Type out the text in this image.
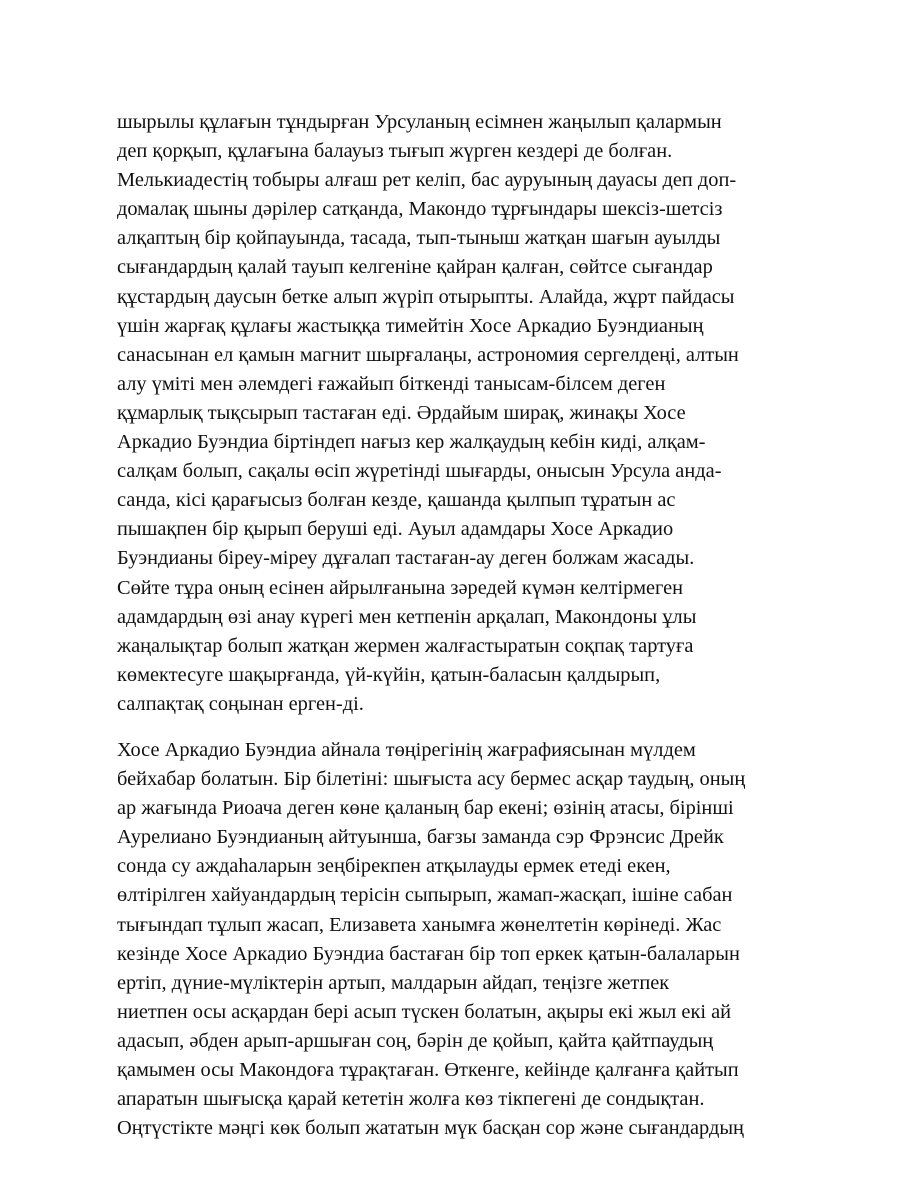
шырылы құлағын тұндырған Урсуланың есімнен жаңылып қалармын
деп қорқып, құлағына балауыз тығып жүрген кездері де болған.
Мелькиадестің тобыры алғаш рет келіп, бас ауруының дауасы деп доп-
домалақ шыны дәрілер сатқанда, Макондо тұрғындары шексіз-шетсіз
алқаптың бір қойпауында, тасада, тып-тыныш жатқан шағын ауылды
сығандардың қалай тауып келгеніне қайран қалған, сөйтсе сығандар
құстардың даусын бетке алып жүріп отырыпты. Алайда, жұрт пайдасы
үшін жарғақ құлағы жастыққа тимейтін Хосе Аркадио Буэндианың
санасынан ел қамын магнит шырғалаңы, астрономия сергелдеңі, алтын
алу үміті мен әлемдегі ғажайып біткенді танысам-білсем деген
құмарлық тықсырып тастаған еді. Әрдайым ширақ, жинақы Хосе
Аркадио Буэндиа біртіндеп нағыз кер жалқаудың кебін киді, алқам-
салқам болып, сақалы өсіп жүретінді шығарды, онысын Урсула анда-
санда, кісі қарағысыз болған кезде, қашанда қылпып тұратын ас
пышақпен бір қырып беруші еді. Ауыл адамдары Хосе Аркадио
Буэндианы біреу-міреу дұғалап тастаған-ау деген болжам жасады.
Сөйте тұра оның есінен айрылғанына зәредей күмән келтірмеген
адамдардың өзі анау күрегі мен кетпенін арқалап, Макондоны ұлы
жаңалықтар болып жатқан жермен жалғастыратын соқпақ тартуға
көмектесуге шақырғанда, үй-күйін, қатын-баласын қалдырып,
салпақтақ соңынан ерген-ді.
Хосе Аркадио Буэндиа айнала төңірегінің жағрафиясынан мүлдем
бейхабар болатын. Бір білетіні: шығыста асу бермес асқар таудың, оның
ар жағында Риоача деген көне қаланың бар екені; өзінің атасы, бірінші
Аурелиано Буэндианың айтуынша, бағзы заманда сэр Фрэнсис Дрейк
сонда су аждаһаларын зеңбірекпен атқылауды ермек етеді екен,
өлтірілген хайуандардың терісін сыпырып, жамап-жасқап, ішіне сабан
тығындап тұлып жасап, Елизавета ханымға жөнелтетін көрінеді. Жас
кезінде Хосе Аркадио Буэндиа бастаған бір топ еркек қатын-балаларын
ертіп, дүние-мүліктерін артып, малдарын айдап, теңізге жетпек
ниетпен осы асқардан бері асып түскен болатын, ақыры екі жыл екі ай
адасып, әбден арып-аршыған соң, бәрін де қойып, қайта қайтпаудың
қамымен осы Макондоға тұрақтаған. Өткенге, кейінде қалғанға қайтып
апаратын шығысқа қарай кететін жолға көз тікпегені де сондықтан.
Оңтүстікте мәңгі көк болып жататын мүк басқан сор және сығандардың
